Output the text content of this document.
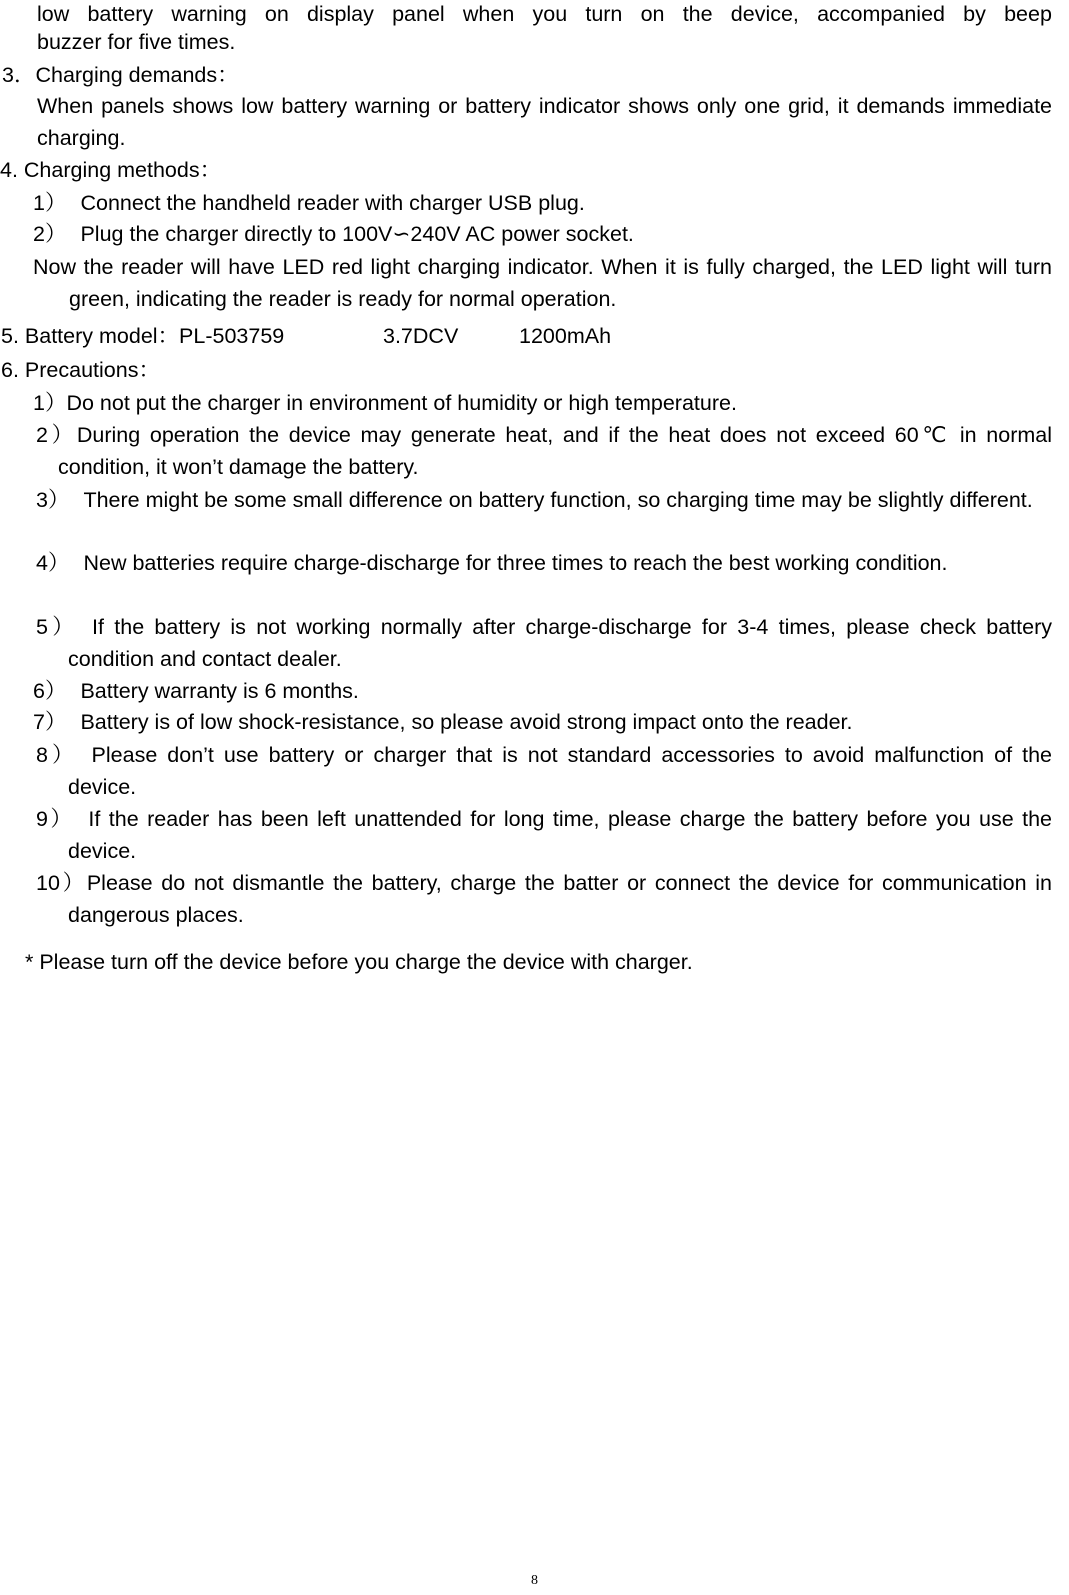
low battery warning on display panel when you turn on the device, accompanied by beep
buzzer for five times.
3．Charging demands：
When panels shows low battery warning or battery indicator shows only one grid, it demands immediate charging.
4. Charging methods：
1） Connect the handheld reader with charger USB plug.
2） Plug the charger directly to 100V∽240V AC power socket.
Now the reader will have LED red light charging indicator. When it is fully charged, the LED light will turn green, indicating the reader is ready for normal operation.
5. Battery model：PL-503759	3.7DCV	1200mAh
6. Precautions：
1）Do not put the charger in environment of humidity or high temperature.
2）During operation the device may generate heat, and if the heat does not exceed 60℃ in normal condition, it won’t damage the battery.
3） There might be some small difference on battery function, so charging time may be slightly different.
4） New batteries require charge-discharge for three times to reach the best working condition.
5） If the battery is not working normally after charge-discharge for 3-4 times, please check battery condition and contact dealer.
6） Battery warranty is 6 months.
7） Battery is of low shock-resistance, so please avoid strong impact onto the reader.
8） Please don’t use battery or charger that is not standard accessories to avoid malfunction of the device.
9） If the reader has been left unattended for long time, please charge the battery before you use the device.
10）Please do not dismantle the battery, charge the batter or connect the device for communication in dangerous places.
* Please turn off the device before you charge the device with charger.
8
